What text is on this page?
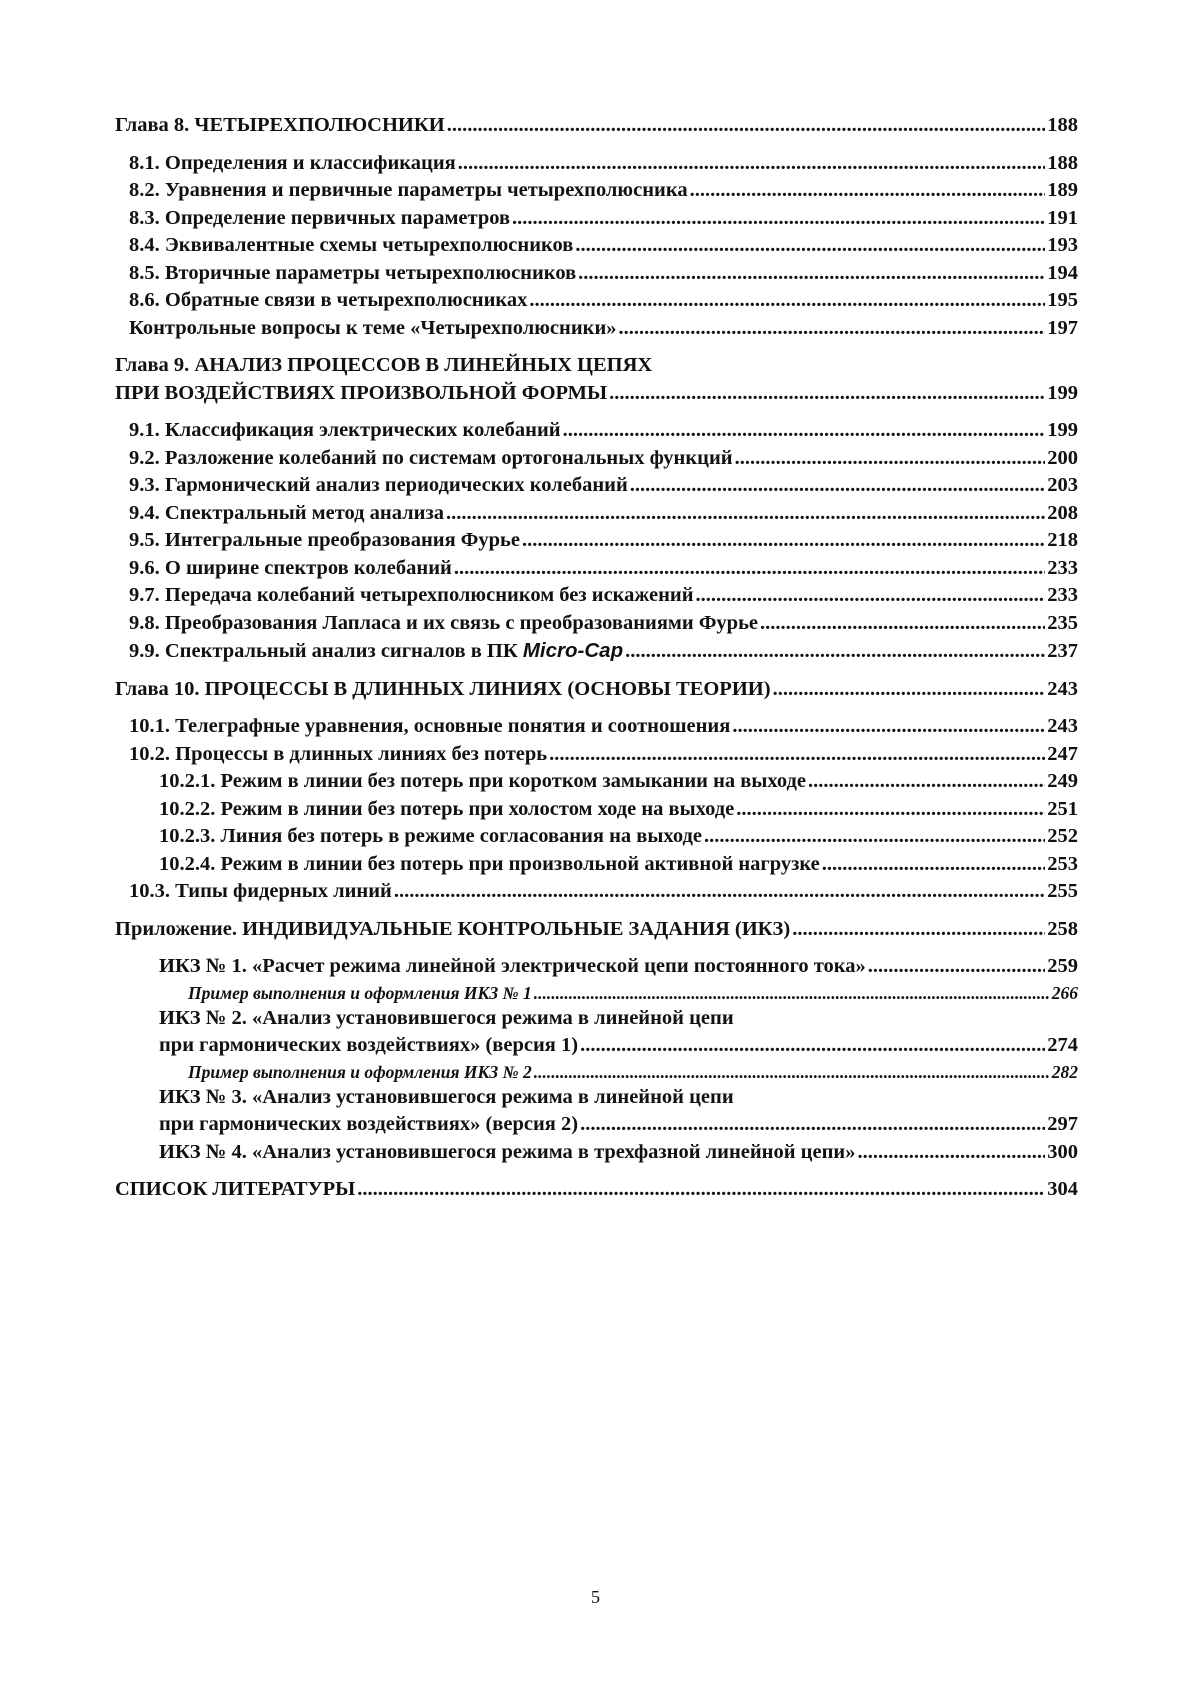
Глава 8. ЧЕТЫРЕХПОЛЮСНИКИ .....	188
8.1. Определения и классификация .....	188
8.2. Уравнения и первичные параметры четырехполюсника .....	189
8.3. Определение первичных параметров .....	191
8.4. Эквивалентные схемы четырехполюсников .....	193
8.5. Вторичные параметры четырехполюсников .....	194
8.6. Обратные связи в четырехполюсниках .....	195
Контрольные вопросы к теме «Четырехполюсники» .....	197
Глава 9. АНАЛИЗ ПРОЦЕССОВ В ЛИНЕЙНЫХ ЦЕПЯХ
ПРИ ВОЗДЕЙСТВИЯХ ПРОИЗВОЛЬНОЙ ФОРМЫ .....	199
9.1. Классификация электрических колебаний .....	199
9.2. Разложение колебаний по системам ортогональных функций .....	200
9.3. Гармонический анализ периодических колебаний .....	203
9.4. Спектральный метод анализа .....	208
9.5. Интегральные преобразования Фурье .....	218
9.6. О ширине спектров колебаний .....	233
9.7. Передача колебаний четырехполюсником без искажений .....	233
9.8. Преобразования Лапласа и их связь с преобразованиями Фурье .....	235
9.9. Спектральный анализ сигналов в ПК Micro-Cap .....	237
Глава 10. ПРОЦЕССЫ В ДЛИННЫХ ЛИНИЯХ (ОСНОВЫ ТЕОРИИ) .....	243
10.1. Телеграфные уравнения, основные понятия и соотношения .....	243
10.2. Процессы в длинных линиях без потерь .....	247
10.2.1. Режим в линии без потерь при коротком замыкании на выходе .....	249
10.2.2. Режим в линии без потерь при холостом ходе на выходе .....	251
10.2.3. Линия без потерь в режиме согласования на выходе .....	252
10.2.4. Режим в линии без потерь при произвольной активной нагрузке .....	253
10.3. Типы фидерных линий .....	255
Приложение. ИНДИВИДУАЛЬНЫЕ КОНТРОЛЬНЫЕ ЗАДАНИЯ (ИКЗ) .....	258
ИКЗ № 1. «Расчет режима линейной электрической цепи постоянного тока» .....	259
Пример выполнения и оформления ИКЗ № 1 .....	266
ИКЗ № 2. «Анализ установившегося режима в линейной цепи
при гармонических воздействиях» (версия 1) .....	274
Пример выполнения и оформления ИКЗ № 2 .....	282
ИКЗ № 3. «Анализ установившегося режима в линейной цепи
при гармонических воздействиях» (версия 2) .....	297
ИКЗ № 4. «Анализ установившегося режима в трехфазной линейной цепи» .....	300
СПИСОК ЛИТЕРАТУРЫ .....	304
5
